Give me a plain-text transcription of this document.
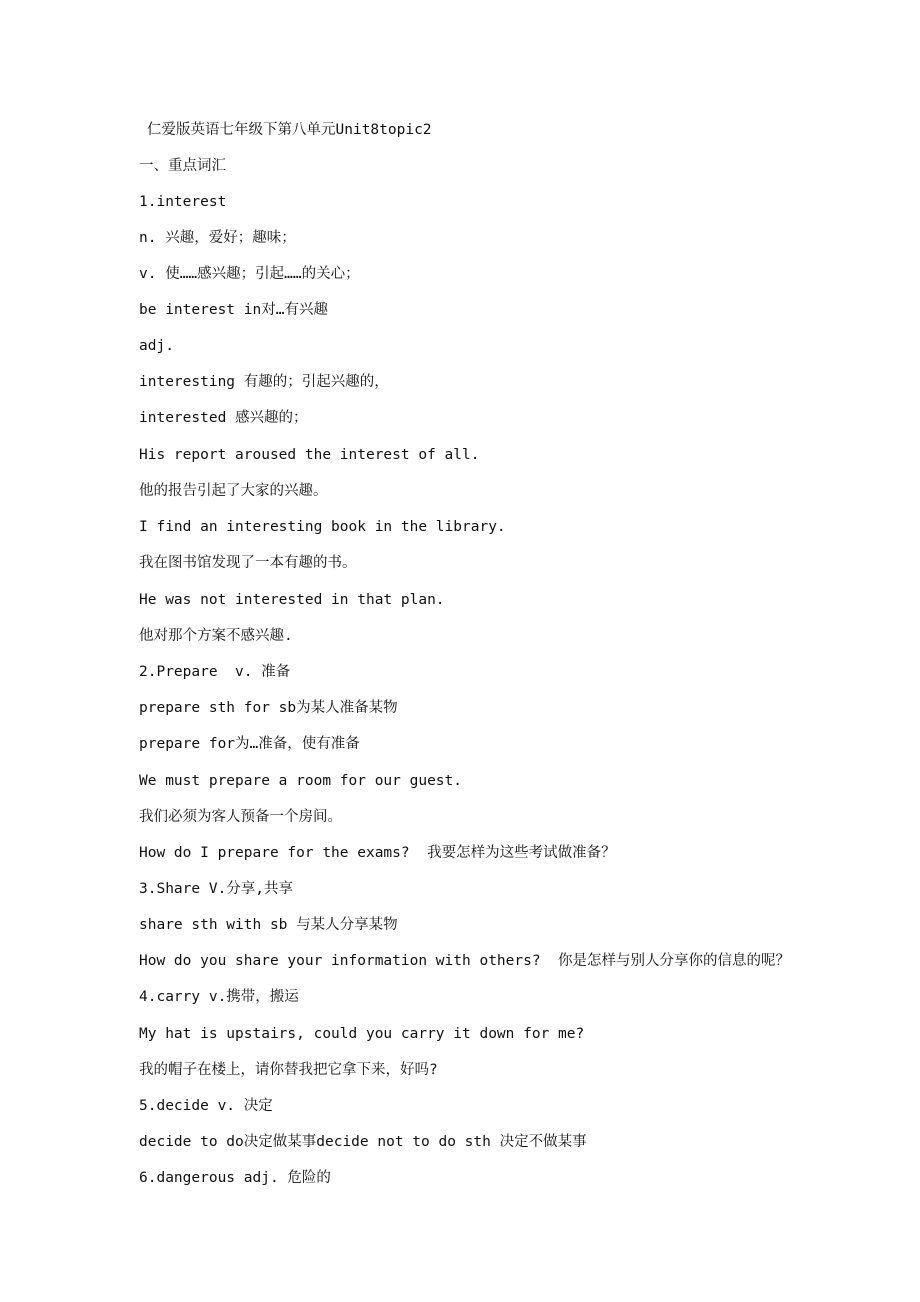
仁爱版英语七年级下第八单元Unit8topic2
一、重点词汇
1.interest
n. 兴趣，爱好；趣味；
v. 使……感兴趣；引起……的关心；
be interest in对…有兴趣
adj.
interesting 有趣的；引起兴趣的，
interested 感兴趣的；
His report aroused the interest of all.
他的报告引起了大家的兴趣。
I find an interesting book in the library.
我在图书馆发现了一本有趣的书。
He was not interested in that plan.
他对那个方案不感兴趣.
2.Prepare  v. 准备
prepare sth for sb为某人准备某物
prepare for为…准备，使有准备
We must prepare a room for our guest.
我们必须为客人预备一个房间。
How do I prepare for the exams?  我要怎样为这些考试做准备？
3.Share V.分享,共享
share sth with sb 与某人分享某物
How do you share your information with others?  你是怎样与别人分享你的信息的呢？
4.carry v.携带，搬运
My hat is upstairs, could you carry it down for me?
我的帽子在楼上，请你替我把它拿下来，好吗?
5.decide v. 决定
decide to do决定做某事decide not to do sth 决定不做某事
6.dangerous adj. 危险的
